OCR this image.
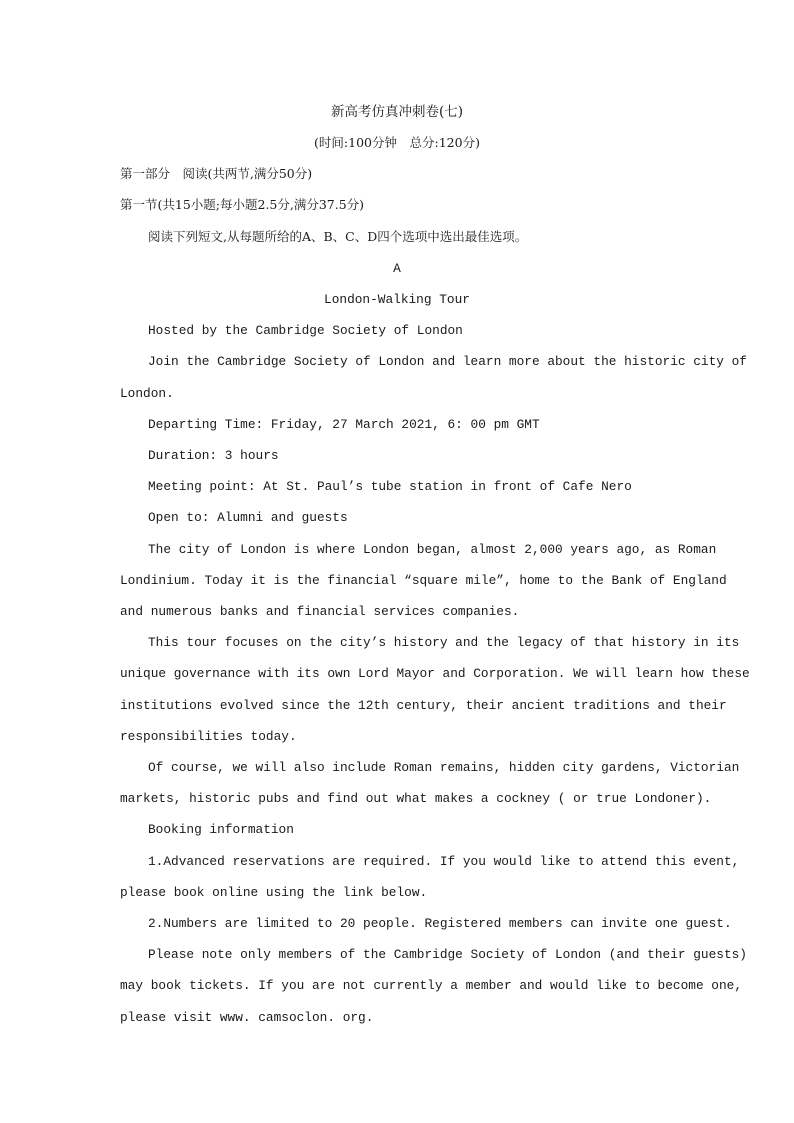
新高考仿真冲刺卷(七)
(时间:100分钟　总分:120分)
第一部分　阅读(共两节,满分50分)
第一节(共15小题;每小题2.5分,满分37.5分)
阅读下列短文,从每题所给的A、B、C、D四个选项中选出最佳选项。
A
London-Walking Tour
Hosted by the Cambridge Society of London
Join the Cambridge Society of London and learn more about the historic city of
London.
Departing Time: Friday, 27 March 2021, 6: 00 pm GMT
Duration: 3 hours
Meeting point: At St. Paul’s tube station in front of Cafe Nero
Open to: Alumni and guests
The city of London is where London began, almost 2,000 years ago, as Roman
Londinium. Today it is the financial “square mile”, home to the Bank of England
and numerous banks and financial services companies.
This tour focuses on the city’s history and the legacy of that history in its
unique governance with its own Lord Mayor and Corporation. We will learn how these
institutions evolved since the 12th century, their ancient traditions and their
responsibilities today.
Of course, we will also include Roman remains, hidden city gardens, Victorian
markets, historic pubs and find out what makes a cockney ( or true Londoner).
Booking information
1.Advanced reservations are required. If you would like to attend this event,
please book online using the link below.
2.Numbers are limited to 20 people. Registered members can invite one guest.
Please note only members of the Cambridge Society of London (and their guests)
may book tickets. If you are not currently a member and would like to become one,
please visit www. camsoclon. org.
